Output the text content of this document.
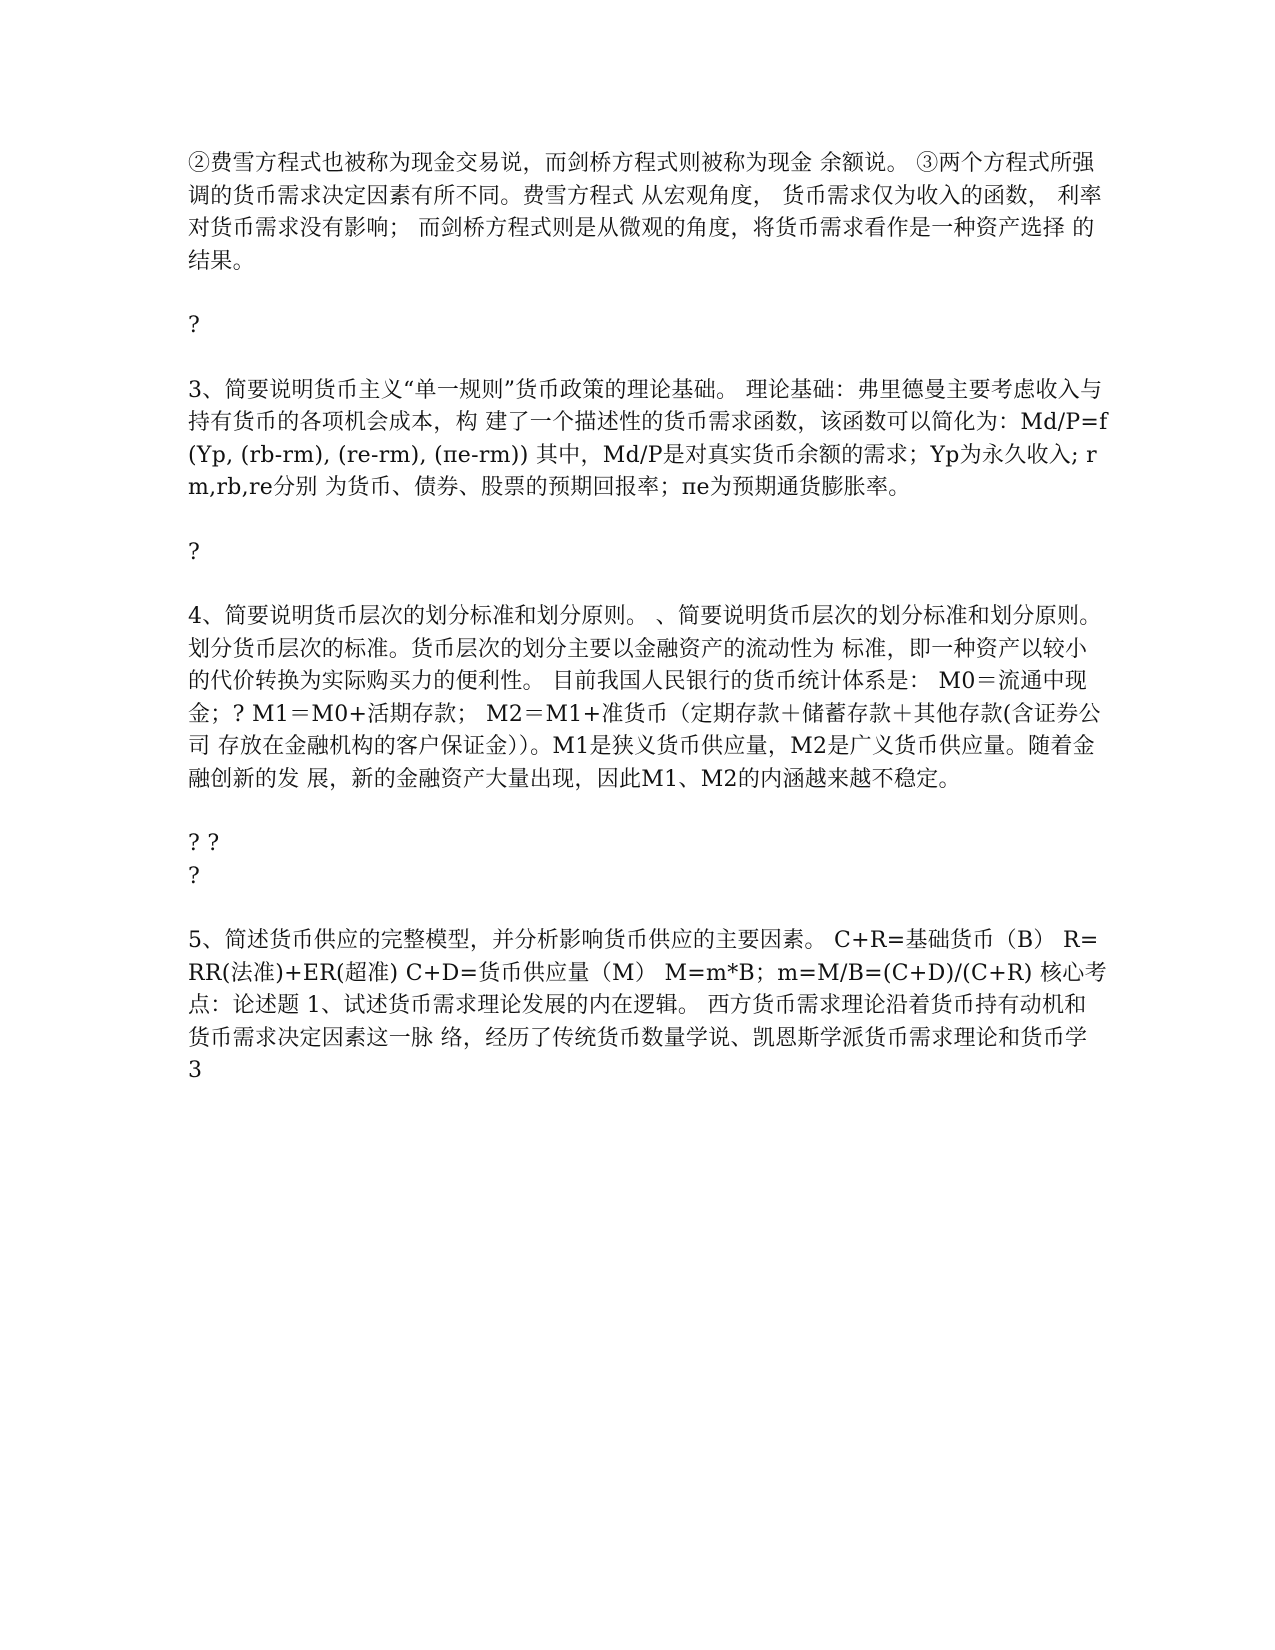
②费雪方程式也被称为现金交易说，而剑桥方程式则被称为现金 余额说。 ③两个方程式所强调的货币需求决定因素有所不同。费雪方程式 从宏观角度， 货币需求仅为收入的函数， 利率对货币需求没有影响； 而剑桥方程式则是从微观的角度，将货币需求看作是一种资产选择 的结果。

?

3、简要说明货币主义“单一规则”货币政策的理论基础。 理论基础：弗里德曼主要考虑收入与持有货币的各项机会成本，构 建了一个描述性的货币需求函数，该函数可以简化为：Md/P=f (Yp, (rb-rm), (re-rm), (πe-rm)) 其中，Md/P是对真实货币余额的需求；Yp为永久收入; rm,rb,re分别 为货币、债券、股票的预期回报率；πe为预期通货膨胀率。

?

4、简要说明货币层次的划分标准和划分原则。 、简要说明货币层次的划分标准和划分原则。 划分货币层次的标准。货币层次的划分主要以金融资产的流动性为 标准，即一种资产以较小的代价转换为实际购买力的便利性。 目前我国人民银行的货币统计体系是： M0＝流通中现金；? M1＝M0+活期存款； M2＝M1+准货币（定期存款＋储蓄存款＋其他存款(含证券公司 存放在金融机构的客户保证金））。M1是狭义货币供应量，M2是广义货币供应量。随着金融创新的发 展，新的金融资产大量出现，因此M1、M2的内涵越来越不稳定。

? ?

?

5、简述货币供应的完整模型，并分析影响货币供应的主要因素。 C+R=基础货币（B） R=RR(法准)+ER(超准) C+D=货币供应量（M） M=m*B；m=M/B=(C+D)/(C+R) 核心考点：论述题 1、试述货币需求理论发展的内在逻辑。 西方货币需求理论沿着货币持有动机和货币需求决定因素这一脉 络，经历了传统货币数量学说、凯恩斯学派货币需求理论和货币学

3
